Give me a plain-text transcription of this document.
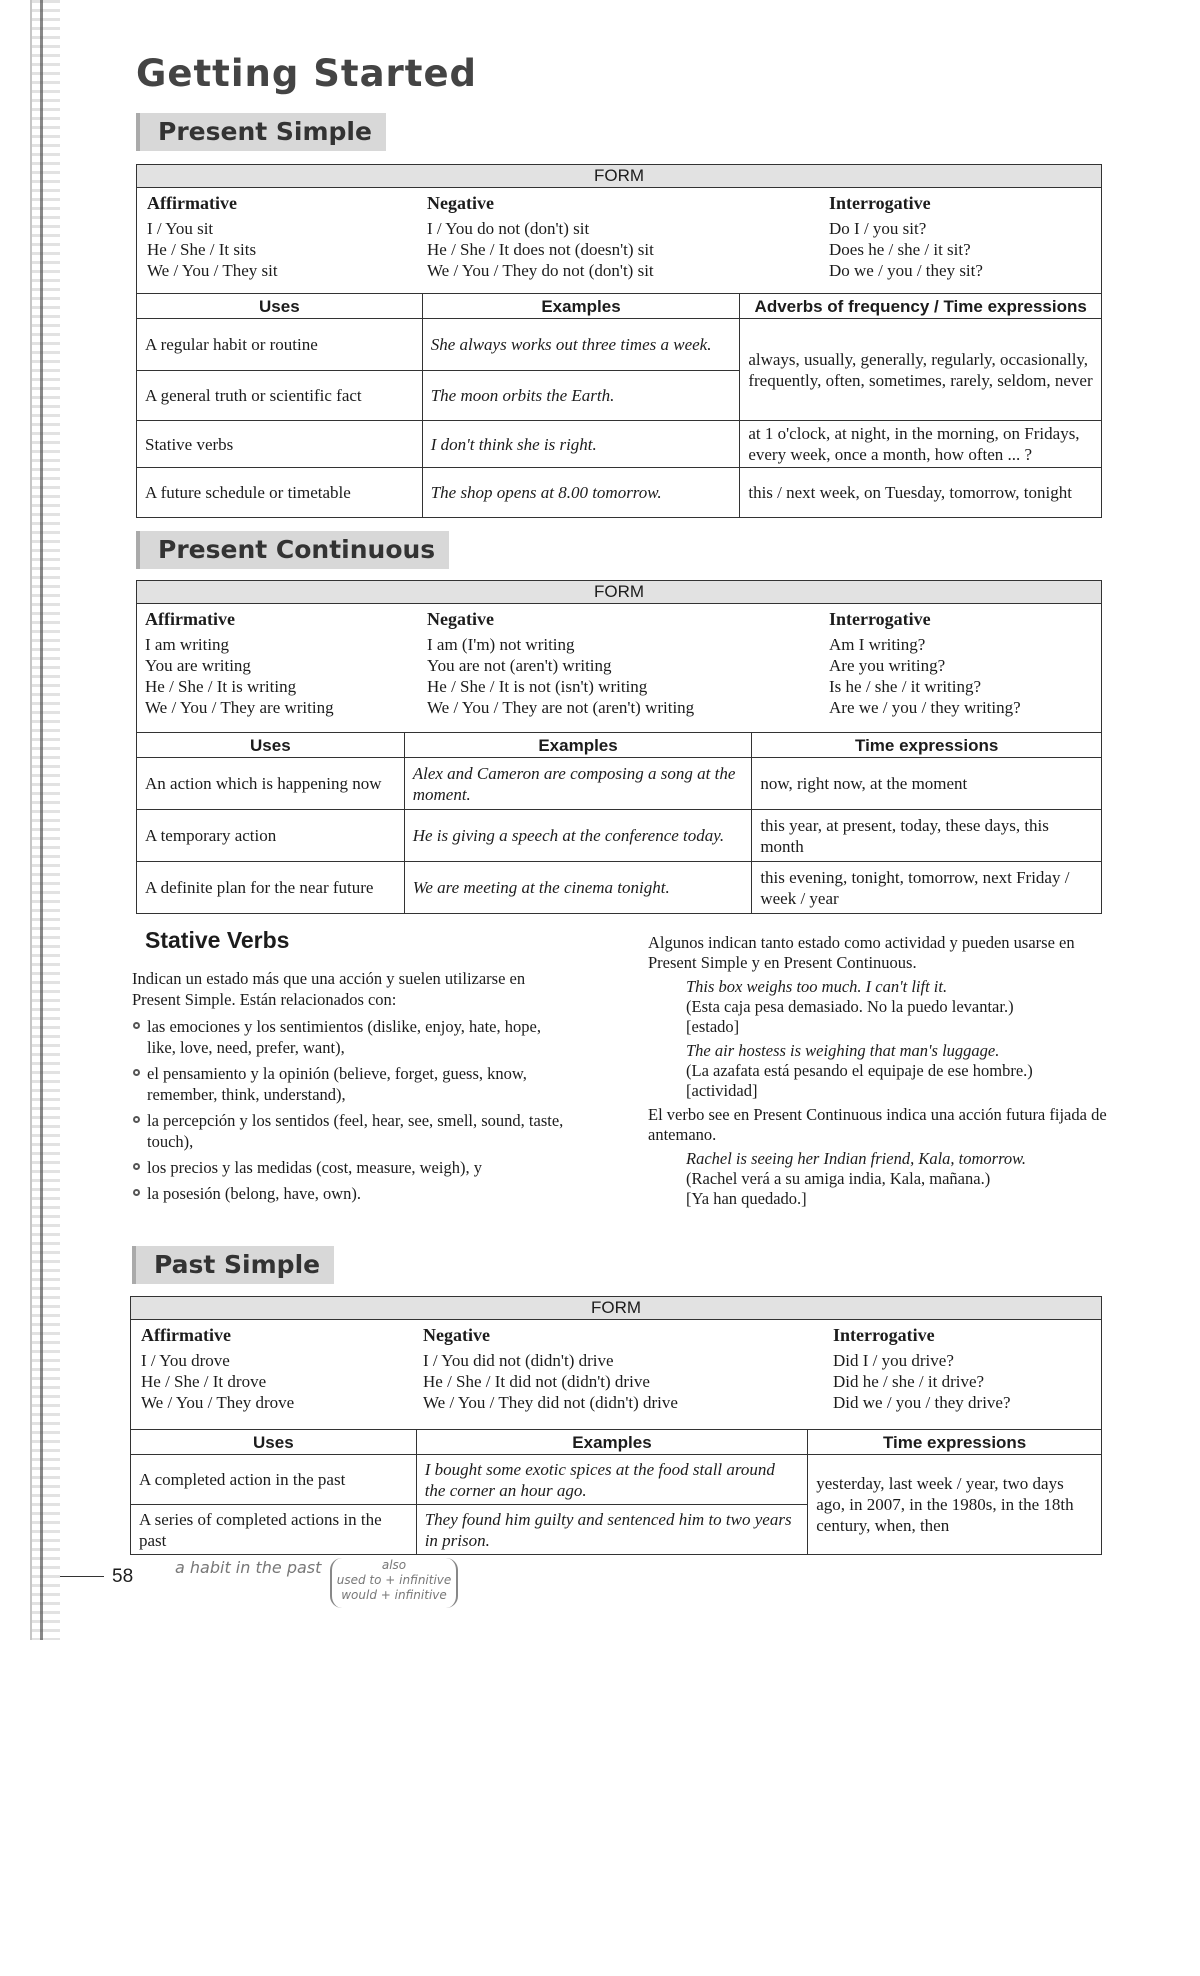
Getting Started
Present Simple
FORM
Affirmative
I / You sit
He / She / It sits
We / You / They sit
Negative
I / You do not (don't) sit
He / She / It does not (doesn't) sit
We / You / They do not (don't) sit
Interrogative
Do I / you sit?
Does he / she / it sit?
Do we / you / they sit?
Uses	Examples	Adverbs of frequency / Time expressions
A regular habit or routine	She always works out three times a week.	always, usually, generally, regularly, occasionally, frequently, often, sometimes, rarely, seldom, never
A general truth or scientific fact	The moon orbits the Earth.	
Stative verbs	I don't think she is right.	at 1 o'clock, at night, in the morning, on Fridays, every week, once a month, how often ... ?
A future schedule or timetable	The shop opens at 8.00 tomorrow.	this / next week, on Tuesday, tomorrow, tonight
Present Continuous
FORM
Affirmative
I am writing
You are writing
He / She / It is writing
We / You / They are writing
Negative
I am (I'm) not writing
You are not (aren't) writing
He / She / It is not (isn't) writing
We / You / They are not (aren't) writing
Interrogative
Am I writing?
Are you writing?
Is he / she / it writing?
Are we / you / they writing?
Uses	Examples	Time expressions
An action which is happening now	Alex and Cameron are composing a song at the moment.	now, right now, at the moment
A temporary action	He is giving a speech at the conference today.	this year, at present, today, these days, this month
A definite plan for the near future	We are meeting at the cinema tonight.	this evening, tonight, tomorrow, next Friday / week / year
Stative Verbs

Indican un estado más que una acción y suelen utilizarse en Present Simple. Están relacionados con:

las emociones y los sentimientos (dislike, enjoy, hate, hope, like, love, need, prefer, want),
el pensamiento y la opinión (believe, forget, guess, know, remember, think, understand),
la percepción y los sentidos (feel, hear, see, smell, sound, taste, touch),
los precios y las medidas (cost, measure, weigh), y
la posesión (belong, have, own).

Algunos indican tanto estado como actividad y pueden usarse en Present Simple y en Present Continuous.

This box weighs too much. I can't lift it.
(Esta caja pesa demasiado. No la puedo levantar.)
[estado]
The air hostess is weighing that man's luggage.
(La azafata está pesando el equipaje de ese hombre.)
[actividad]

El verbo see en Present Continuous indica una acción futura fijada de antemano.

Rachel is seeing her Indian friend, Kala, tomorrow.
(Rachel verá a su amiga india, Kala, mañana.)
[Ya han quedado.]
Past Simple
FORM
Affirmative
I / You drove
He / She / It drove
We / You / They drove
Negative
I / You did not (didn't) drive
He / She / It did not (didn't) drive
We / You / They did not (didn't) drive
Interrogative
Did I / you drive?
Did he / she / it drive?
Did we / you / they drive?
Uses	Examples	Time expressions
A completed action in the past	I bought some exotic spices at the food stall around the corner an hour ago.	yesterday, last week / year, two days ago, in 2007, in the 1980s, in the 18th century, when, then
A series of completed actions in the past	They found him guilty and sentenced him to two years in prison.	
58	a habit in the past	also
used to + infinitive
would + infinitive
